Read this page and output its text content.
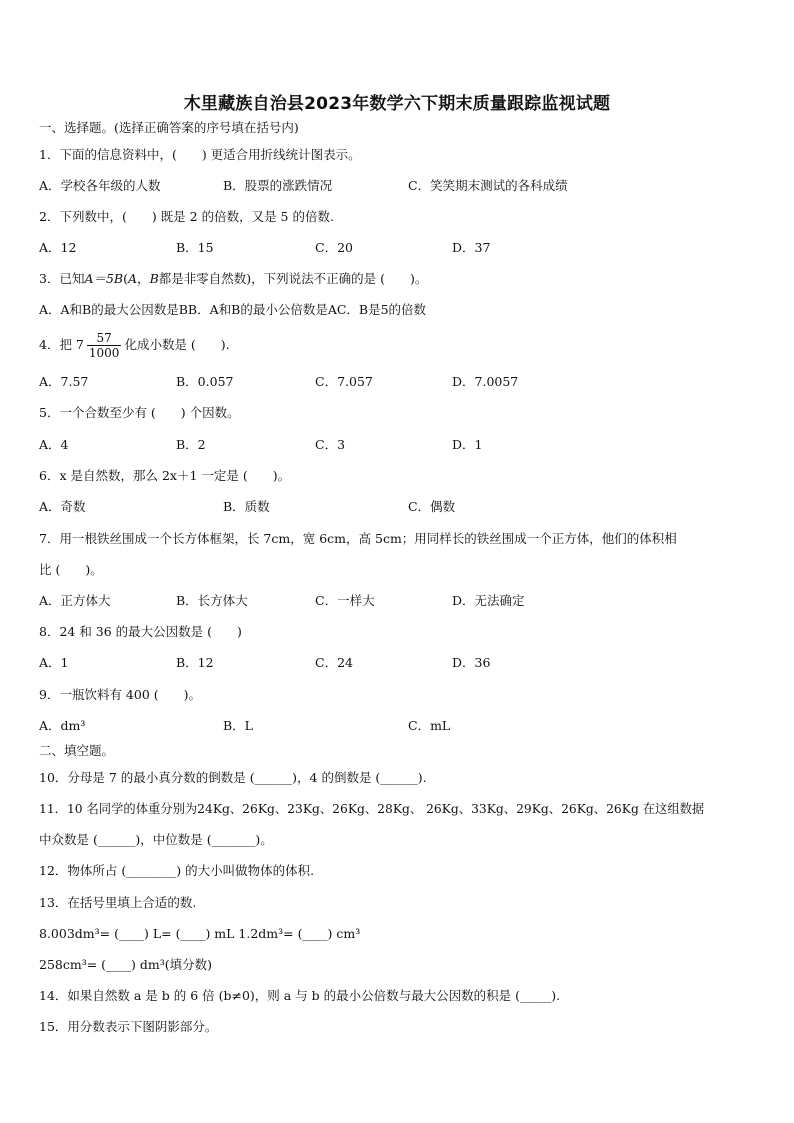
木里藏族自治县2023年数学六下期末质量跟踪监视试题
一、选择题。(选择正确答案的序号填在括号内)
1．下面的信息资料中，(　　) 更适合用折线统计图表示。
A．学校各年级的人数	B．股票的涨跌情况	C．笑笑期末测试的各科成绩
2．下列数中，(　　) 既是 2 的倍数，又是 5 的倍数.
A．12	B．15	C．20	D．37
3．已知A＝5B(A，B都是非零自然数)，下列说法不正确的是 (　　)。
A．A和B的最大公因数是BB．A和B的最小公倍数是AC．B是5的倍数
4．把 $7 \frac{57}{1000}$ 化成小数是 (　　).
A．7.57	B．0.057	C．7.057	D．7.0057
5．一个合数至少有 (　　) 个因数。
A．4	B．2	C．3	D．1
6．x 是自然数，那么 2x＋1 一定是 (　　)。
A．奇数	B．质数	C．偶数
7．用一根铁丝围成一个长方体框架，长 7cm，宽 6cm，高 5cm；用同样长的铁丝围成一个正方体，他们的体积相
比 (　　)。
A．正方体大	B．长方体大	C．一样大	D．无法确定
8．24 和 36 的最大公因数是 (　　)
A．1	B．12	C．24	D．36
9．一瓶饮料有 400 (　　)。
A．dm³	B．L	C．mL
二、填空题。
10．分母是 7 的最小真分数的倒数是 (______)，4 的倒数是 (______).
11．10 名同学的体重分别为24Kg、26Kg、23Kg、26Kg、28Kg、 26Kg、33Kg、29Kg、26Kg、26Kg 在这组数据
中众数是 (______)，中位数是 (_______)。
12．物体所占 (________) 的大小叫做物体的体积.
13．在括号里填上合适的数.
8.003dm³= (____) L= (____) mL 1.2dm³= (____) cm³
258cm³= (____) dm³(填分数)
14．如果自然数 a 是 b 的 6 倍 (b≠0)，则 a 与 b 的最小公倍数与最大公因数的积是 (_____).
15．用分数表示下图阴影部分。
